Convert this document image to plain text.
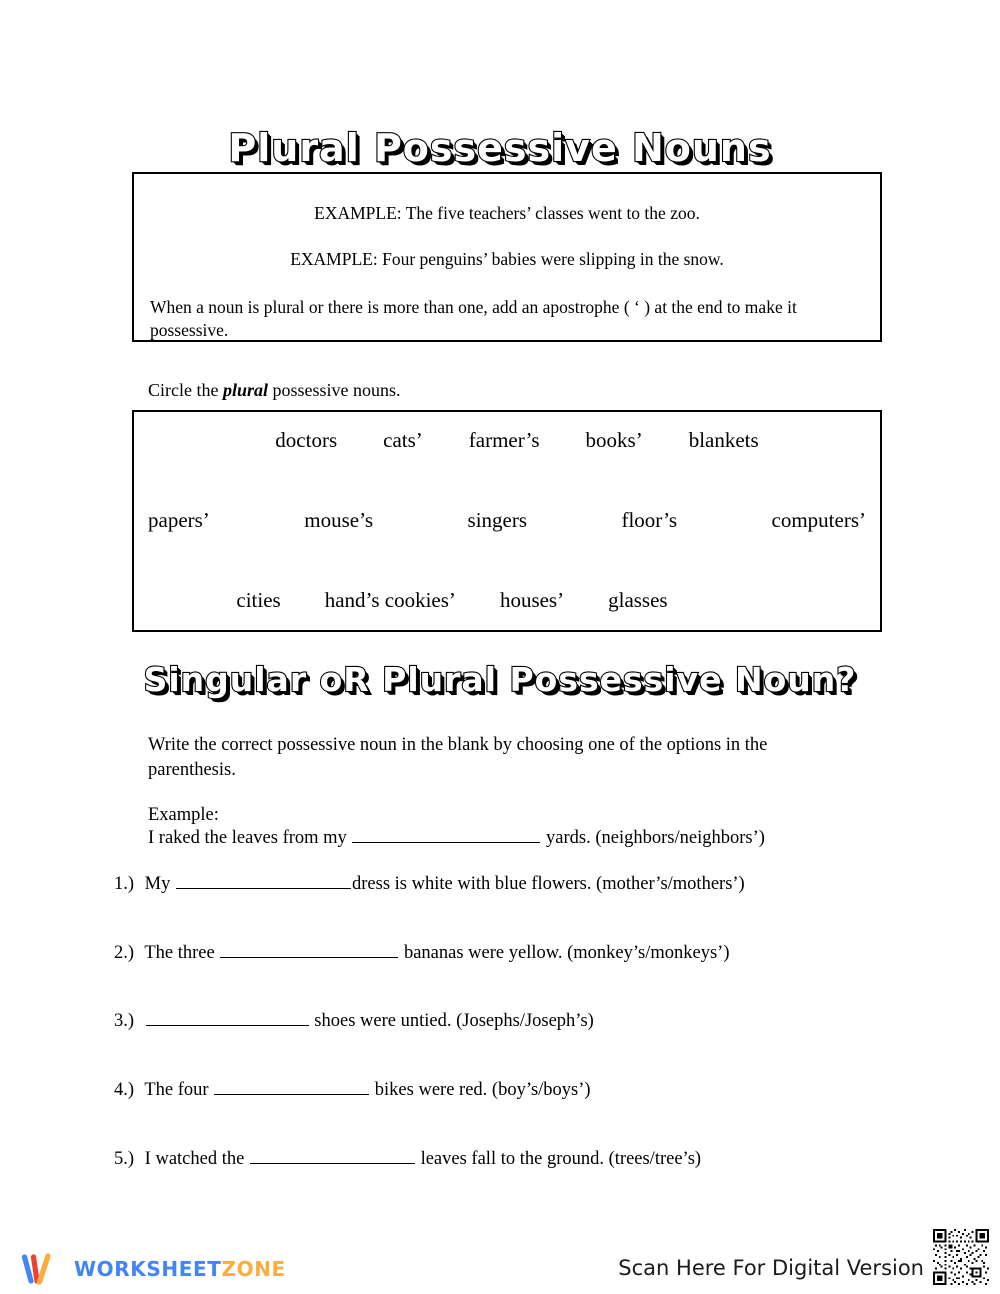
Plural Possessive Nouns

EXAMPLE: The five teachers’ classes went to the zoo.

EXAMPLE: Four penguins’ babies were slipping in the snow.

When a noun is plural or there is more than one, add an apostrophe ( ‘ ) at the end to make it possessive.

Circle the plural possessive nouns.
doctors cats’ farmer’s books’ blankets
papers’	mouse’s	singers	floor’s	computers’
cities hand’s cookies’ houses’ glasses
Singular oR Plural Possessive Noun?
Write the correct possessive noun in the blank by choosing one of the options in the parenthesis.
Example:
I raked the leaves from my	yards. (neighbors/neighbors’)
1.) My	dress is white with blue flowers. (mother’s/mothers’)
2.) The three	bananas were yellow. (monkey’s/monkeys’)
3.)	shoes were untied. (Josephs/Joseph’s)
4.) The four	bikes were red. (boy’s/boys’)
5.) I watched the	leaves fall to the ground. (trees/tree’s)
WORKSHEETZONE	Scan Here For Digital Version
